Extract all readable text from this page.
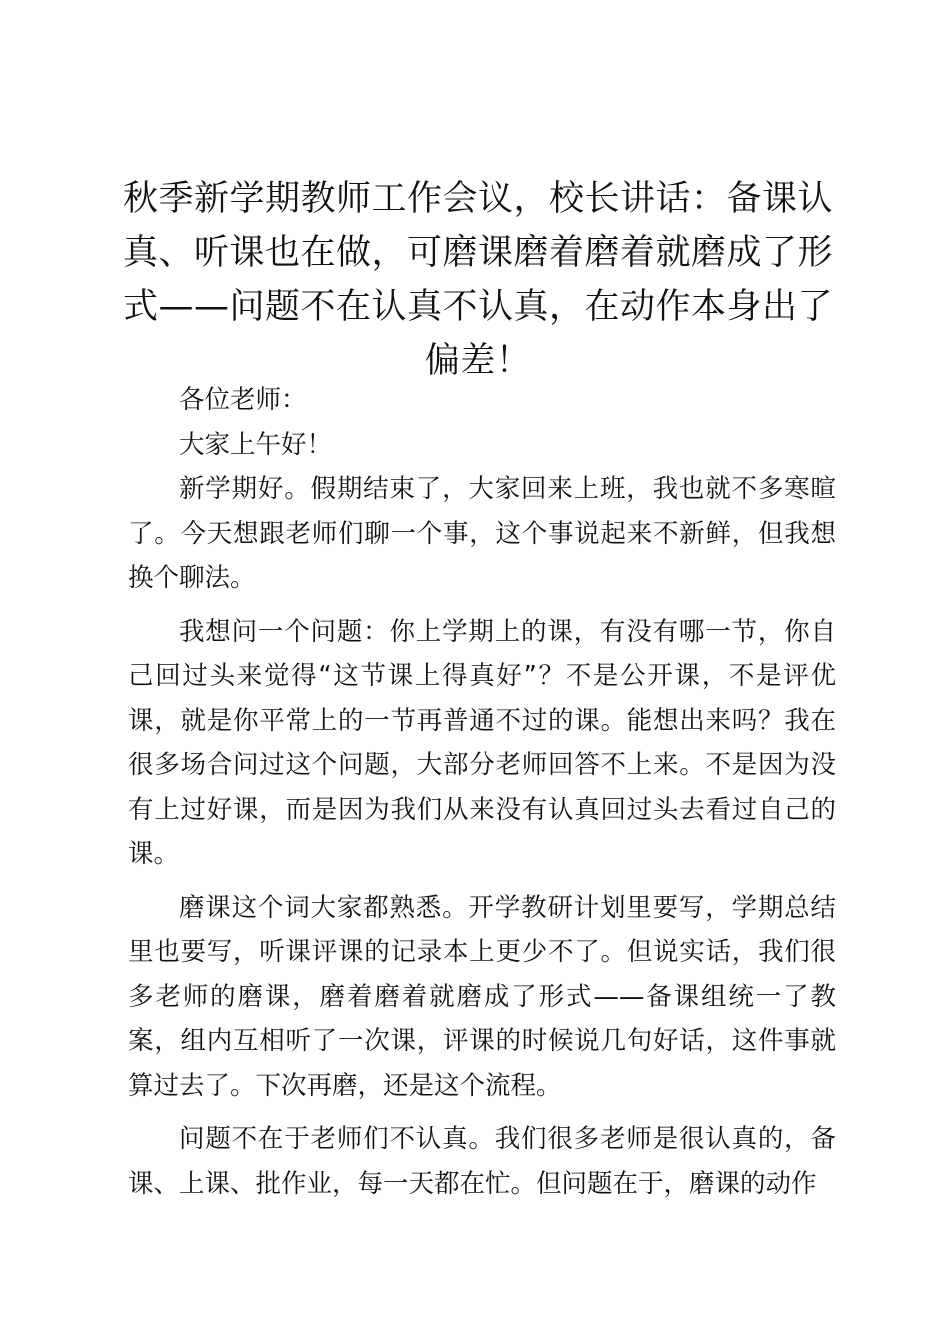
秋季新学期教师工作会议，校长讲话：备课认真、听课也在做，可磨课磨着磨着就磨成了形式——问题不在认真不认真，在动作本身出了偏差！

各位老师：

大家上午好！

新学期好。假期结束了，大家回来上班，我也就不多寒暄了。今天想跟老师们聊一个事，这个事说起来不新鲜，但我想换个聊法。

我想问一个问题：你上学期上的课，有没有哪一节，你自己回过头来觉得“这节课上得真好”？不是公开课，不是评优课，就是你平常上的一节再普通不过的课。能想出来吗？我在很多场合问过这个问题，大部分老师回答不上来。不是因为没有上过好课，而是因为我们从来没有认真回过头去看过自己的课。

磨课这个词大家都熟悉。开学教研计划里要写，学期总结里也要写，听课评课的记录本上更少不了。但说实话，我们很多老师的磨课，磨着磨着就磨成了形式——备课组统一了教案，组内互相听了一次课，评课的时候说几句好话，这件事就算过去了。下次再磨，还是这个流程。

问题不在于老师们不认真。我们很多老师是很认真的，备课、上课、批作业，每一天都在忙。但问题在于，磨课的动作
